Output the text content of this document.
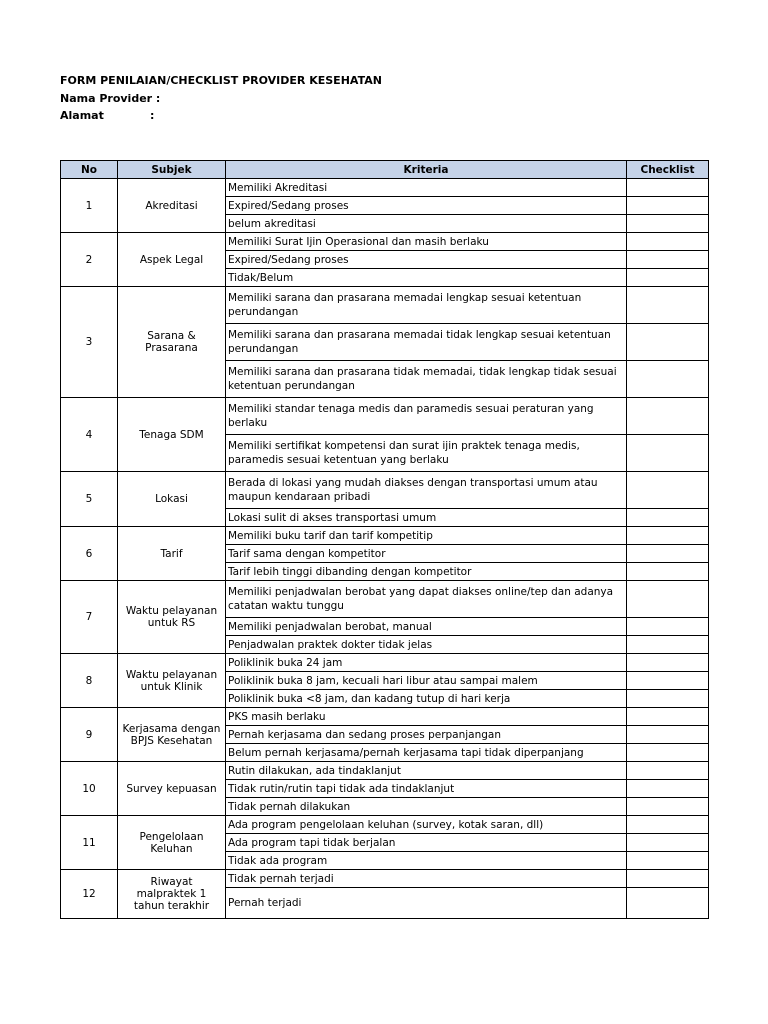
FORM PENILAIAN/CHECKLIST PROVIDER KESEHATAN
Nama Provider :
Alamat	:
No	Subjek	Kriteria	Checklist
1	Akreditasi	Memiliki Akreditasi	
		Expired/Sedang proses	
		belum akreditasi	
2	Aspek Legal	Memiliki Surat Ijin Operasional dan masih berlaku	
		Expired/Sedang proses	
		Tidak/Belum	
3	Sarana & Prasarana	Memiliki sarana dan prasarana memadai lengkap sesuai ketentuan perundangan	
		Memiliki sarana dan prasarana memadai tidak lengkap sesuai ketentuan perundangan	
		Memiliki sarana dan prasarana tidak memadai, tidak lengkap tidak sesuai ketentuan perundangan	
4	Tenaga SDM	Memiliki standar tenaga medis dan paramedis sesuai peraturan yang berlaku	
		Memiliki sertifikat kompetensi dan surat ijin praktek tenaga medis, paramedis sesuai ketentuan yang berlaku	
5	Lokasi	Berada di lokasi yang mudah diakses dengan transportasi umum atau maupun kendaraan pribadi	
		Lokasi sulit di akses transportasi umum	
6	Tarif	Memiliki buku tarif dan tarif kompetitip	
		Tarif sama dengan kompetitor	
		Tarif lebih tinggi dibanding dengan kompetitor	
7	Waktu pelayanan untuk RS	Memiliki penjadwalan berobat yang dapat diakses online/tep dan adanya catatan waktu tunggu	
		Memiliki penjadwalan berobat, manual	
		Penjadwalan praktek dokter tidak jelas	
8	Waktu pelayanan untuk Klinik	Poliklinik buka 24 jam	
		Poliklinik buka 8 jam, kecuali hari libur atau sampai malem	
		Poliklinik buka <8 jam, dan kadang tutup di hari kerja	
9	Kerjasama dengan BPJS Kesehatan	PKS masih berlaku	
		Pernah kerjasama dan sedang proses perpanjangan	
		Belum pernah kerjasama/pernah kerjasama tapi tidak diperpanjang	
10	Survey kepuasan	Rutin dilakukan, ada tindaklanjut	
		Tidak rutin/rutin tapi tidak ada tindaklanjut	
		Tidak pernah dilakukan	
11	Pengelolaan Keluhan	Ada program pengelolaan keluhan (survey, kotak saran, dll)	
		Ada program tapi tidak berjalan	
		Tidak ada program	
12	Riwayat malpraktek 1 tahun terakhir	Tidak pernah terjadi	
		Pernah terjadi	
